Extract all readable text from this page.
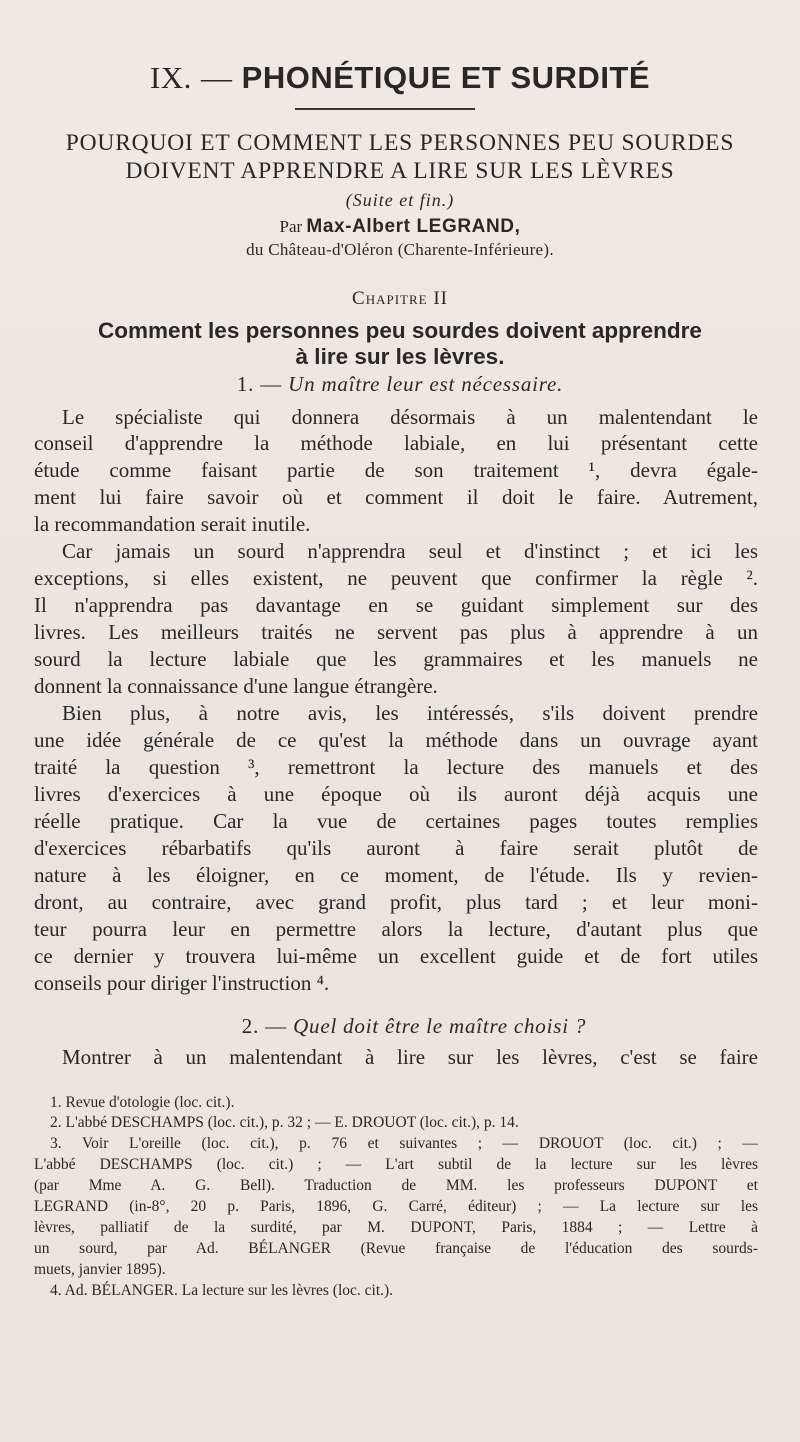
IX. — PHONÉTIQUE ET SURDITÉ
POURQUOI ET COMMENT LES PERSONNES PEU SOURDES
DOIVENT APPRENDRE A LIRE SUR LES LÈVRES
(Suite et fin.)
Par Max-Albert LEGRAND,
du Château-d'Oléron (Charente-Inférieure).
Chapitre II
Comment les personnes peu sourdes doivent apprendre
à lire sur les lèvres.
1. — Un maître leur est nécessaire.
Le spécialiste qui donnera désormais à un malentendant le
conseil d'apprendre la méthode labiale, en lui présentant cette
étude comme faisant partie de son traitement ¹, devra égale-
ment lui faire savoir où et comment il doit le faire. Autrement,
la recommandation serait inutile.
Car jamais un sourd n'apprendra seul et d'instinct ; et ici les
exceptions, si elles existent, ne peuvent que confirmer la règle ².
Il n'apprendra pas davantage en se guidant simplement sur des
livres. Les meilleurs traités ne servent pas plus à apprendre à un
sourd la lecture labiale que les grammaires et les manuels ne
donnent la connaissance d'une langue étrangère.
Bien plus, à notre avis, les intéressés, s'ils doivent prendre
une idée générale de ce qu'est la méthode dans un ouvrage ayant
traité la question ³, remettront la lecture des manuels et des
livres d'exercices à une époque où ils auront déjà acquis une
réelle pratique. Car la vue de certaines pages toutes remplies
d'exercices rébarbatifs qu'ils auront à faire serait plutôt de
nature à les éloigner, en ce moment, de l'étude. Ils y revien-
dront, au contraire, avec grand profit, plus tard ; et leur moni-
teur pourra leur en permettre alors la lecture, d'autant plus que
ce dernier y trouvera lui-même un excellent guide et de fort utiles
conseils pour diriger l'instruction ⁴.
2. — Quel doit être le maître choisi ?
Montrer à un malentendant à lire sur les lèvres, c'est se faire
1. Revue d'otologie (loc. cit.).
2. L'abbé DESCHAMPS (loc. cit.), p. 32 ; — E. DROUOT (loc. cit.), p. 14.
3. Voir L'oreille (loc. cit.), p. 76 et suivantes ; — DROUOT (loc. cit.) ; —
L'abbé DESCHAMPS (loc. cit.) ; — L'art subtil de la lecture sur les lèvres
(par Mme A. G. Bell). Traduction de MM. les professeurs DUPONT et
LEGRAND (in-8°, 20 p. Paris, 1896, G. Carré, éditeur) ; — La lecture sur les
lèvres, palliatif de la surdité, par M. DUPONT, Paris, 1884 ; — Lettre à
un sourd, par Ad. BÉLANGER (Revue française de l'éducation des sourds-
muets, janvier 1895).
4. Ad. BÉLANGER. La lecture sur les lèvres (loc. cit.).
